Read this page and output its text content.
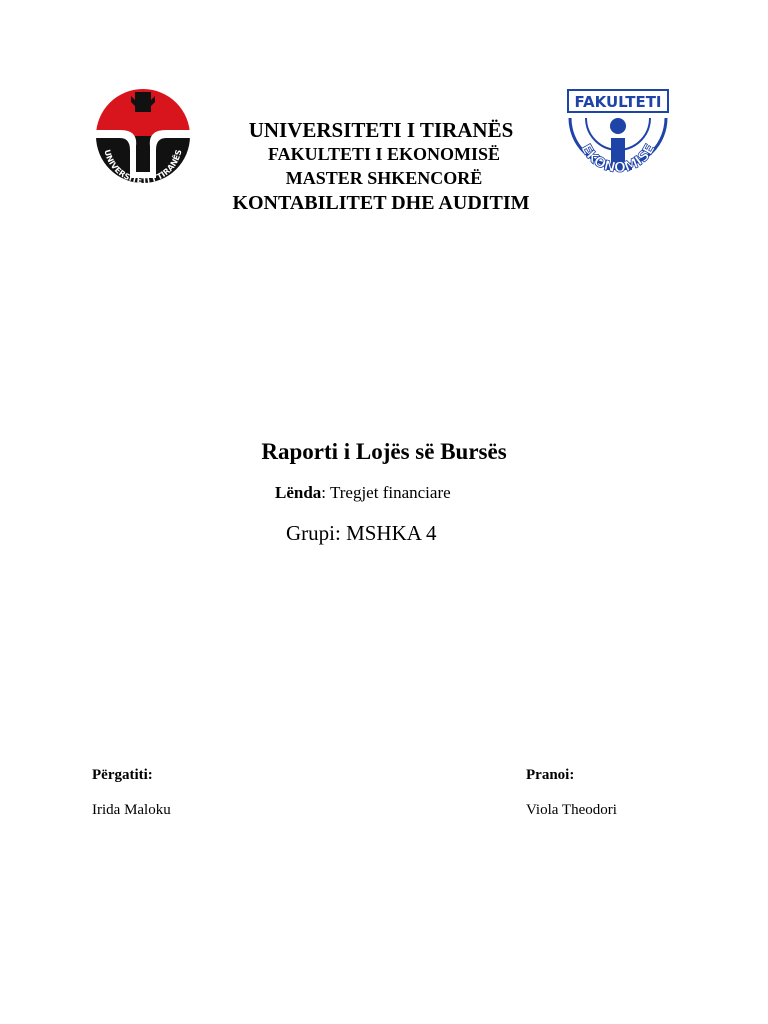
UNIVERSITETI I TIRANËS
FAKULTETI
EKONOMISE
UNIVERSITETI I TIRANËS
FAKULTETI I EKONOMISË
MASTER SHKENCORË
KONTABILITET DHE AUDITIM
Raporti i Lojës së Bursës
Lënda: Tregjet financiare
Grupi: MSHKA 4
Përgatiti:
Irida Maloku
Pranoi:
Viola Theodori
